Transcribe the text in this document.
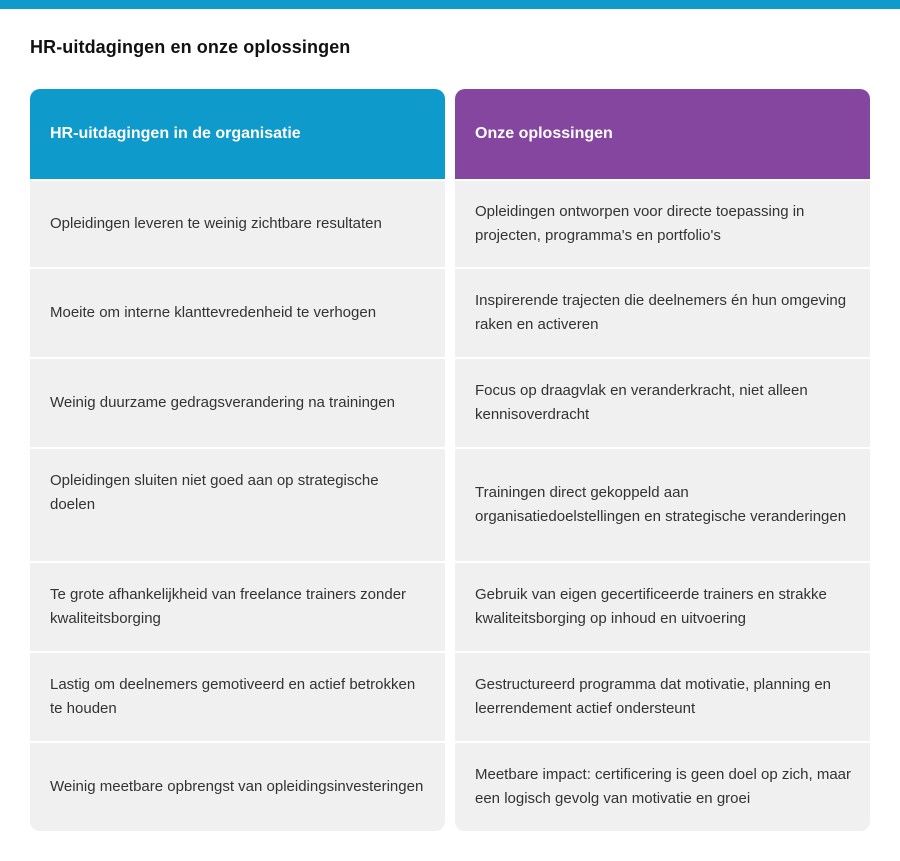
HR-uitdagingen en onze oplossingen
HR-uitdagingen in de organisatie
Opleidingen leveren te weinig zichtbare resultaten
Moeite om interne klanttevredenheid te verhogen
Weinig duurzame gedragsverandering na trainingen
Opleidingen sluiten niet goed aan op strategische doelen
Te grote afhankelijkheid van freelance trainers zonder kwaliteitsborging
Lastig om deelnemers gemotiveerd en actief betrokken te houden
Weinig meetbare opbrengst van opleidingsinvesteringen
Onze oplossingen
Opleidingen ontworpen voor directe toepassing in projecten, programma's en portfolio's
Inspirerende trajecten die deelnemers én hun omgeving raken en activeren
Focus op draagvlak en veranderkracht, niet alleen kennisoverdracht
Trainingen direct gekoppeld aan organisatiedoelstellingen en strategische veranderingen
Gebruik van eigen gecertificeerde trainers en strakke kwaliteitsborging op inhoud en uitvoering
Gestructureerd programma dat motivatie, planning en leerrendement actief ondersteunt
Meetbare impact: certificering is geen doel op zich, maar een logisch gevolg van motivatie en groei
